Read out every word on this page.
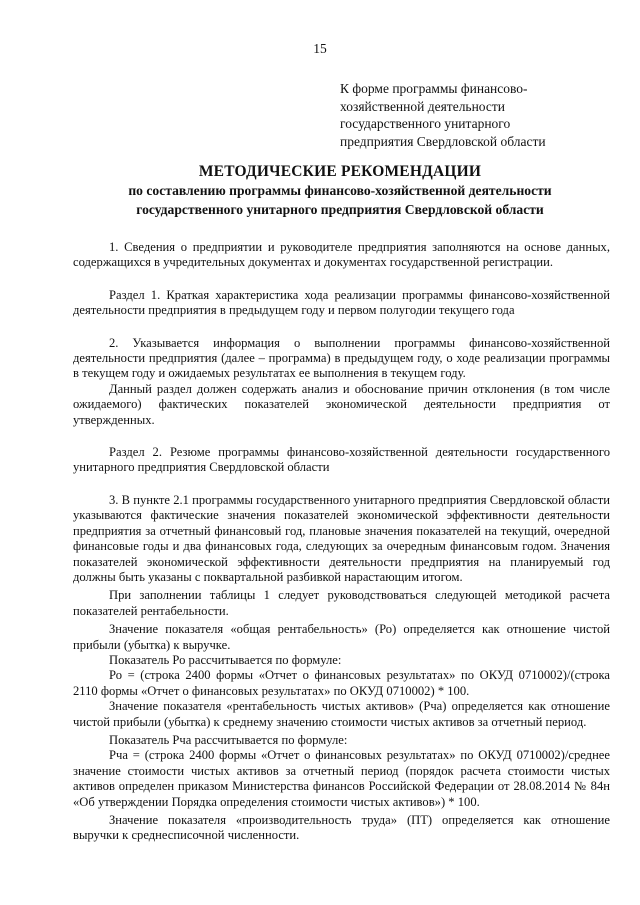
15
К форме программы финансово-
хозяйственной деятельности
государственного унитарного
предприятия Свердловской области
МЕТОДИЧЕСКИЕ РЕКОМЕНДАЦИИ
по составлению программы финансово-хозяйственной деятельности
государственного унитарного предприятия Свердловской области

1. Сведения о предприятии и руководителе предприятия заполняются на основе данных, содержащихся в учредительных документах и документах государственной регистрации.

Раздел 1. Краткая характеристика хода реализации программы финансово-хозяйственной деятельности предприятия в предыдущем году и первом полугодии текущего года

2. Указывается информация о выполнении программы финансово-хозяйственной деятельности предприятия (далее – программа) в предыдущем году, о ходе реализации программы в текущем году и ожидаемых результатах ее выполнения в текущем году.

Данный раздел должен содержать анализ и обоснование причин отклонения (в том числе ожидаемого) фактических показателей экономической деятельности предприятия от утвержденных.

Раздел 2. Резюме программы финансово-хозяйственной деятельности государственного унитарного предприятия Свердловской области

3. В пункте 2.1 программы государственного унитарного предприятия Свердловской области указываются фактические значения показателей экономической эффективности деятельности предприятия за отчетный финансовый год, плановые значения показателей на текущий, очередной финансовые годы и два финансовых года, следующих за очередным финансовым годом. Значения показателей экономической эффективности деятельности предприятия на планируемый год должны быть указаны с поквартальной разбивкой нарастающим итогом.

При заполнении таблицы 1 следует руководствоваться следующей методикой расчета показателей рентабельности.

Значение показателя «общая рентабельность» (Ро) определяется как отношение чистой прибыли (убытка) к выручке.

Показатель Ро рассчитывается по формуле:

Ро = (строка 2400 формы «Отчет о финансовых результатах» по ОКУД 0710002)/(строка 2110 формы «Отчет о финансовых результатах» по ОКУД 0710002) * 100.

Значение показателя «рентабельность чистых активов» (Рча) определяется как отношение чистой прибыли (убытка) к среднему значению стоимости чистых активов за отчетный период.

Показатель Рча рассчитывается по формуле:

Рча = (строка 2400 формы «Отчет о финансовых результатах» по ОКУД 0710002)/среднее значение стоимости чистых активов за отчетный период (порядок расчета стоимости чистых активов определен приказом Министерства финансов Российской Федерации от 28.08.2014 № 84н «Об утверждении Порядка определения стоимости чистых активов») * 100.

Значение показателя «производительность труда» (ПТ) определяется как отношение выручки к среднесписочной численности.
